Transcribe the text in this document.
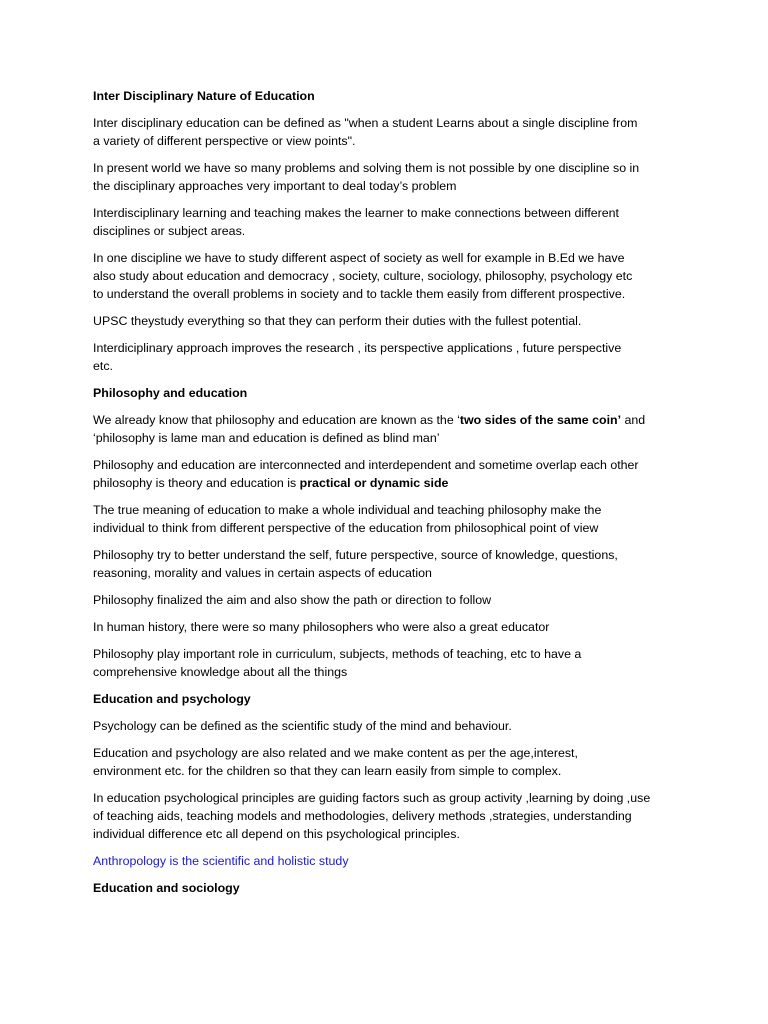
Inter Disciplinary Nature of Education

Inter disciplinary education can be defined as "when a student Learns about a single discipline from
a variety of different perspective or view points".

In present world we have so many problems and solving them is not possible by one discipline so in
the disciplinary approaches very important to deal today’s problem

Interdisciplinary learning and teaching makes the learner to make connections between different
disciplines or subject areas.

In one discipline we have to study different aspect of society as well for example in B.Ed we have
also study about education and democracy , society, culture, sociology, philosophy, psychology etc
to understand the overall problems in society and to tackle them easily from different prospective.

UPSC theystudy everything so that they can perform their duties with the fullest potential.

Interdiciplinary approach improves the research , its perspective applications , future perspective
etc.

Philosophy and education

We already know that philosophy and education are known as the ‘two sides of the same coin’ and
‘philosophy is lame man and education is defined as blind man’

Philosophy and education are interconnected and interdependent and sometime overlap each other
philosophy is theory and education is practical or dynamic side

The true meaning of education to make a whole individual and teaching philosophy make the
individual to think from different perspective of the education from philosophical point of view

Philosophy try to better understand the self, future perspective, source of knowledge, questions,
reasoning, morality and values in certain aspects of education

Philosophy finalized the aim and also show the path or direction to follow

In human history, there were so many philosophers who were also a great educator

Philosophy play important role in curriculum, subjects, methods of teaching, etc to have a
comprehensive knowledge about all the things

Education and psychology

Psychology can be defined as the scientific study of the mind and behaviour.

Education and psychology are also related and we make content as per the age,interest,
environment etc. for the children so that they can learn easily from simple to complex.

In education psychological principles are guiding factors such as group activity ,learning by doing ,use
of teaching aids, teaching models and methodologies, delivery methods ,strategies, understanding
individual difference etc all depend on this psychological principles.

Anthropology is the scientific and holistic study

Education and sociology
